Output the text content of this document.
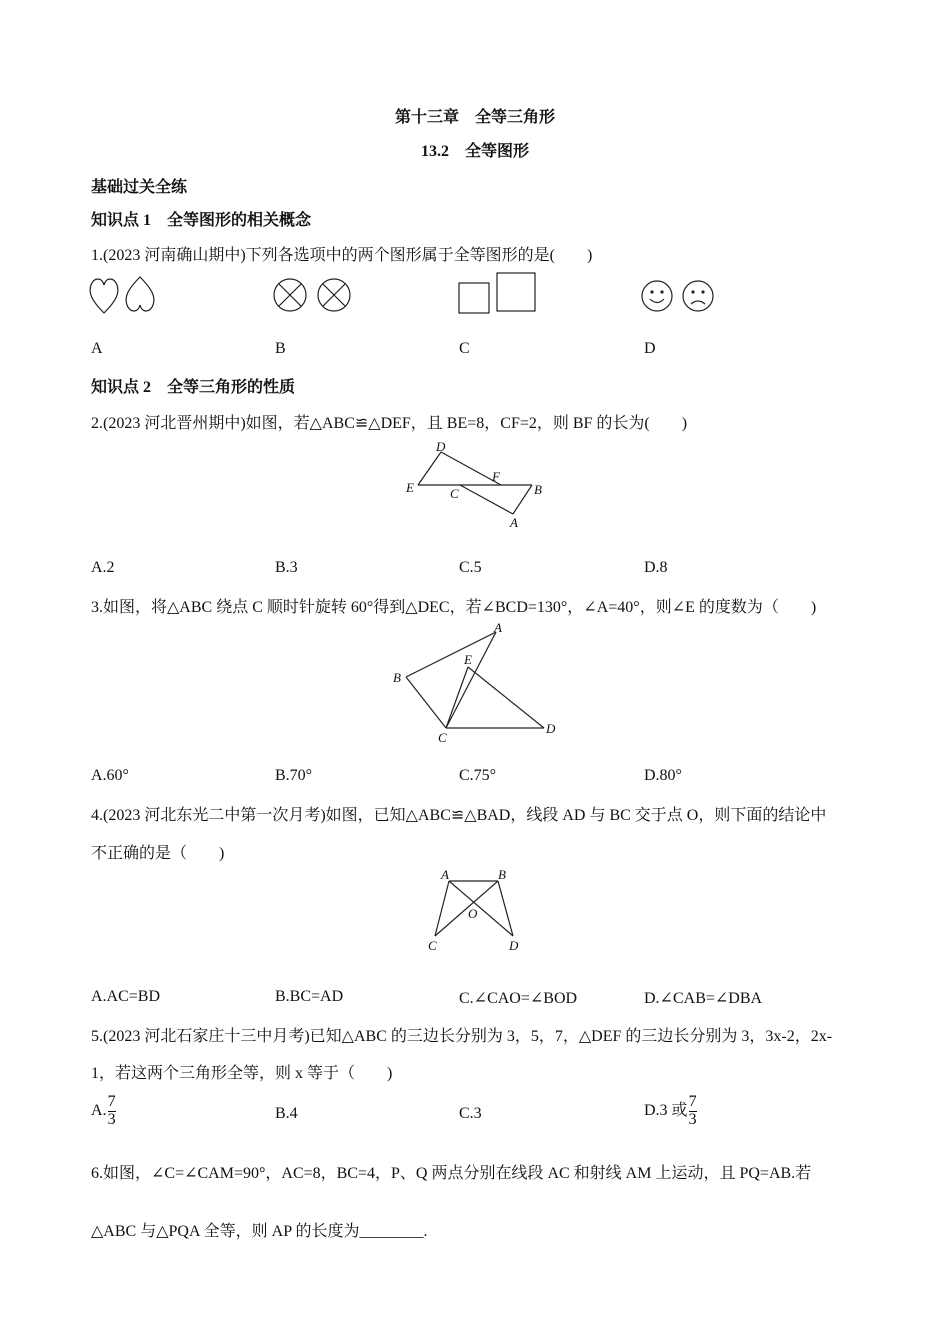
第十三章　全等三角形
13.2　全等图形
基础过关全练
知识点 1　全等图形的相关概念
1.(2023 河南确山期中)下列各选项中的两个图形属于全等图形的是(　　)
A	B	C	D
知识点 2　全等三角形的性质
2.(2023 河北晋州期中)如图，若△ABC≌△DEF，且 BE=8，CF=2，则 BF 的长为(　　)
D
E
F
C	B
A
A.2	B.3	C.5	D.8
3.如图，将△ABC 绕点 C 顺时针旋转 60°得到△DEC，若∠BCD=130°，∠A=40°，则∠E 的度数为（　　)
A
E
B
C
D
A.60°	B.70°	C.75°	D.80°
4.(2023 河北东光二中第一次月考)如图，已知△ABC≌△BAD，线段 AD 与 BC 交于点 O，则下面的结论中
不正确的是（　　)
A	B
O
C	D
A.AC=BD	B.BC=AD	C.∠CAO=∠BOD	D.∠CAB=∠DBA
5.(2023 河北石家庄十三中月考)已知△ABC 的三边长分别为 3，5，7，△DEF 的三边长分别为 3，3x-2，2x-
1，若这两个三角形全等，则 x 等于（　　)
A. $\frac{7}{3}$	B.4	C.3	D.3 或 $\frac{7}{3}$
6.如图，∠C=∠CAM=90°，AC=8，BC=4，P、Q 两点分别在线段 AC 和射线 AM 上运动，且 PQ=AB.若
△ABC 与△PQA 全等，则 AP 的长度为________.
